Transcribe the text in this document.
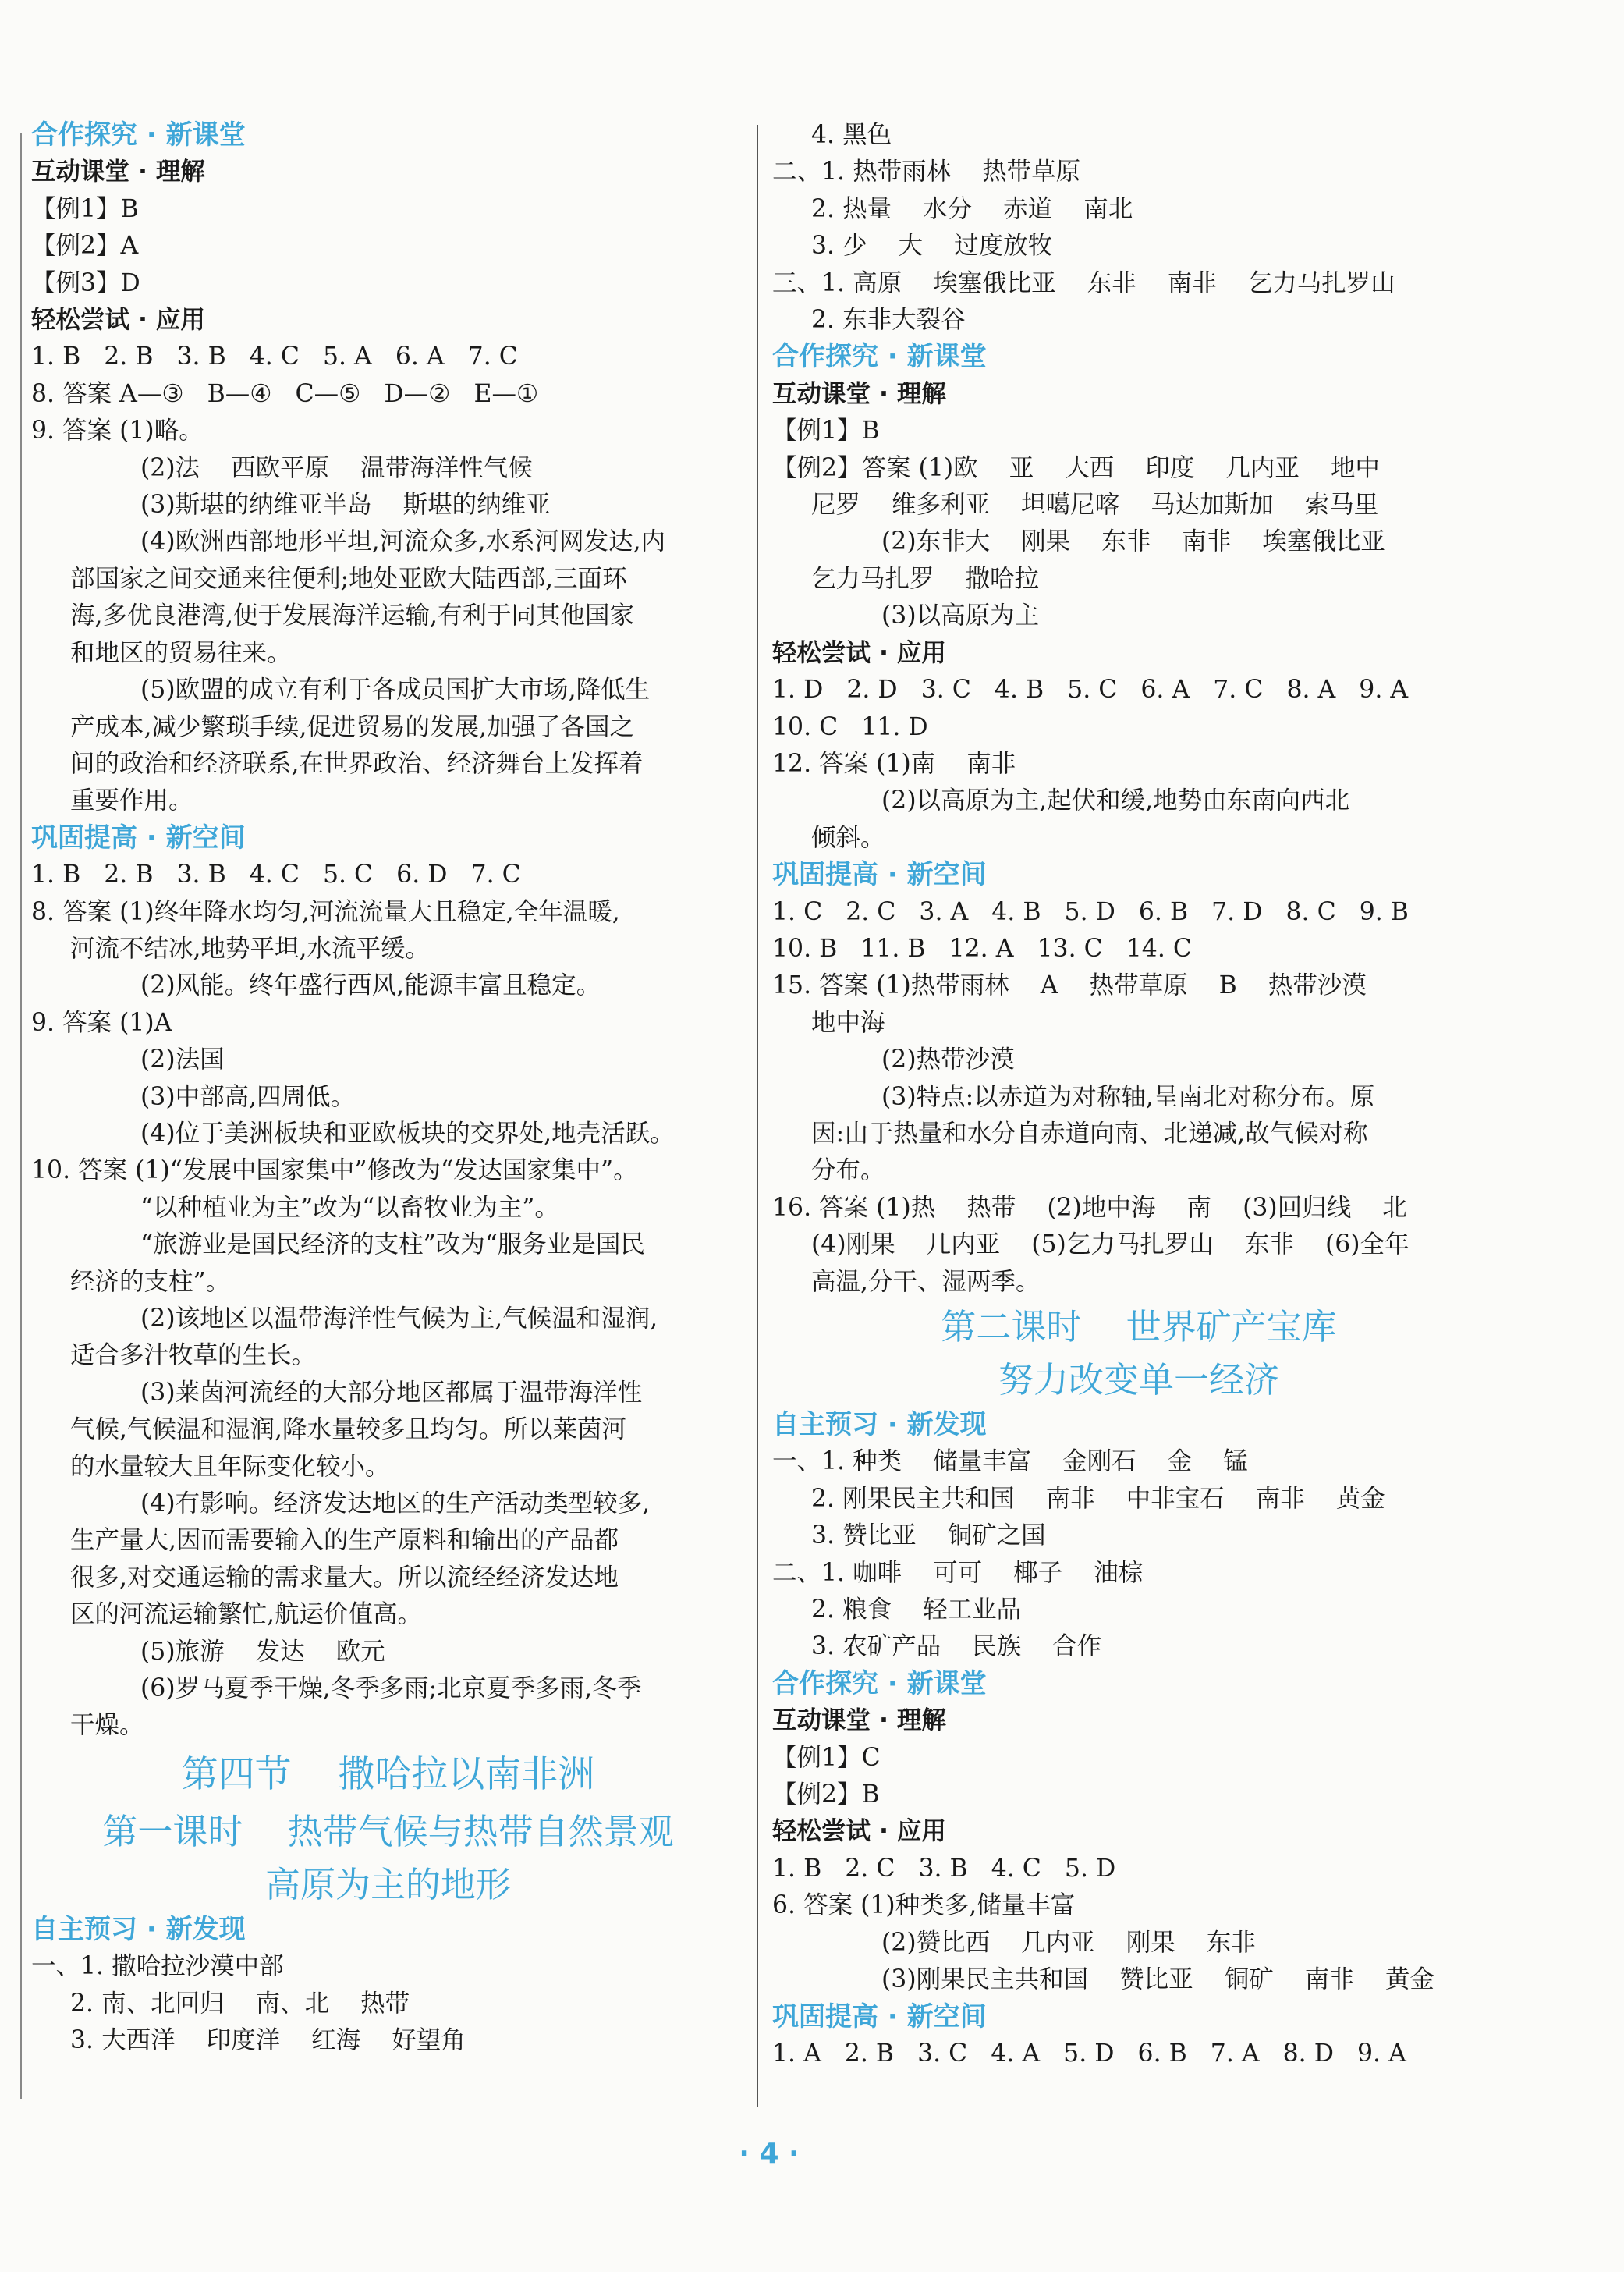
合作探究 · 新课堂
互动课堂 · 理解
【例1】B
【例2】A
【例3】D
轻松尝试 · 应用
1. B   2. B   3. B   4. C   5. A   6. A   7. C
8. 答案 A—③   B—④   C—⑤   D—②   E—①
9. 答案 (1)略。
(2)法    西欧平原    温带海洋性气候
(3)斯堪的纳维亚半岛    斯堪的纳维亚
(4)欧洲西部地形平坦,河流众多,水系河网发达,内
部国家之间交通来往便利;地处亚欧大陆西部,三面环
海,多优良港湾,便于发展海洋运输,有利于同其他国家
和地区的贸易往来。
(5)欧盟的成立有利于各成员国扩大市场,降低生
产成本,减少繁琐手续,促进贸易的发展,加强了各国之
间的政治和经济联系,在世界政治、经济舞台上发挥着
重要作用。
巩固提高 · 新空间
1. B   2. B   3. B   4. C   5. C   6. D   7. C
8. 答案 (1)终年降水均匀,河流流量大且稳定,全年温暖,
河流不结冰,地势平坦,水流平缓。
(2)风能。终年盛行西风,能源丰富且稳定。
9. 答案 (1)A
(2)法国
(3)中部高,四周低。
(4)位于美洲板块和亚欧板块的交界处,地壳活跃。
10. 答案 (1)“发展中国家集中”修改为“发达国家集中”。
“以种植业为主”改为“以畜牧业为主”。
“旅游业是国民经济的支柱”改为“服务业是国民
经济的支柱”。
(2)该地区以温带海洋性气候为主,气候温和湿润,
适合多汁牧草的生长。
(3)莱茵河流经的大部分地区都属于温带海洋性
气候,气候温和湿润,降水量较多且均匀。所以莱茵河
的水量较大且年际变化较小。
(4)有影响。经济发达地区的生产活动类型较多,
生产量大,因而需要输入的生产原料和输出的产品都
很多,对交通运输的需求量大。所以流经经济发达地
区的河流运输繁忙,航运价值高。
(5)旅游    发达    欧元
(6)罗马夏季干燥,冬季多雨;北京夏季多雨,冬季
干燥。
第四节    撒哈拉以南非洲
第一课时    热带气候与热带自然景观
高原为主的地形
自主预习 · 新发现
一、1. 撒哈拉沙漠中部
2. 南、北回归    南、北    热带
3. 大西洋    印度洋    红海    好望角
4. 黑色
二、1. 热带雨林    热带草原
2. 热量    水分    赤道    南北
3. 少    大    过度放牧
三、1. 高原    埃塞俄比亚    东非    南非    乞力马扎罗山
2. 东非大裂谷
合作探究 · 新课堂
互动课堂 · 理解
【例1】B
【例2】答案 (1)欧    亚    大西    印度    几内亚    地中
尼罗    维多利亚    坦噶尼喀    马达加斯加    索马里
(2)东非大    刚果    东非    南非    埃塞俄比亚
乞力马扎罗    撒哈拉
(3)以高原为主
轻松尝试 · 应用
1. D   2. D   3. C   4. B   5. C   6. A   7. C   8. A   9. A
10. C   11. D
12. 答案 (1)南    南非
(2)以高原为主,起伏和缓,地势由东南向西北
倾斜。
巩固提高 · 新空间
1. C   2. C   3. A   4. B   5. D   6. B   7. D   8. C   9. B
10. B   11. B   12. A   13. C   14. C
15. 答案 (1)热带雨林    A    热带草原    B    热带沙漠
地中海
(2)热带沙漠
(3)特点:以赤道为对称轴,呈南北对称分布。原
因:由于热量和水分自赤道向南、北递减,故气候对称
分布。
16. 答案 (1)热    热带    (2)地中海    南    (3)回归线    北
(4)刚果    几内亚    (5)乞力马扎罗山    东非    (6)全年
高温,分干、湿两季。
第二课时    世界矿产宝库
努力改变单一经济
自主预习 · 新发现
一、1. 种类    储量丰富    金刚石    金    锰
2. 刚果民主共和国    南非    中非宝石    南非    黄金
3. 赞比亚    铜矿之国
二、1. 咖啡    可可    椰子    油棕
2. 粮食    轻工业品
3. 农矿产品    民族    合作
合作探究 · 新课堂
互动课堂 · 理解
【例1】C
【例2】B
轻松尝试 · 应用
1. B   2. C   3. B   4. C   5. D
6. 答案 (1)种类多,储量丰富
(2)赞比西    几内亚    刚果    东非
(3)刚果民主共和国    赞比亚    铜矿    南非    黄金
巩固提高 · 新空间
1. A   2. B   3. C   4. A   5. D   6. B   7. A   8. D   9. A
· 4 ·
